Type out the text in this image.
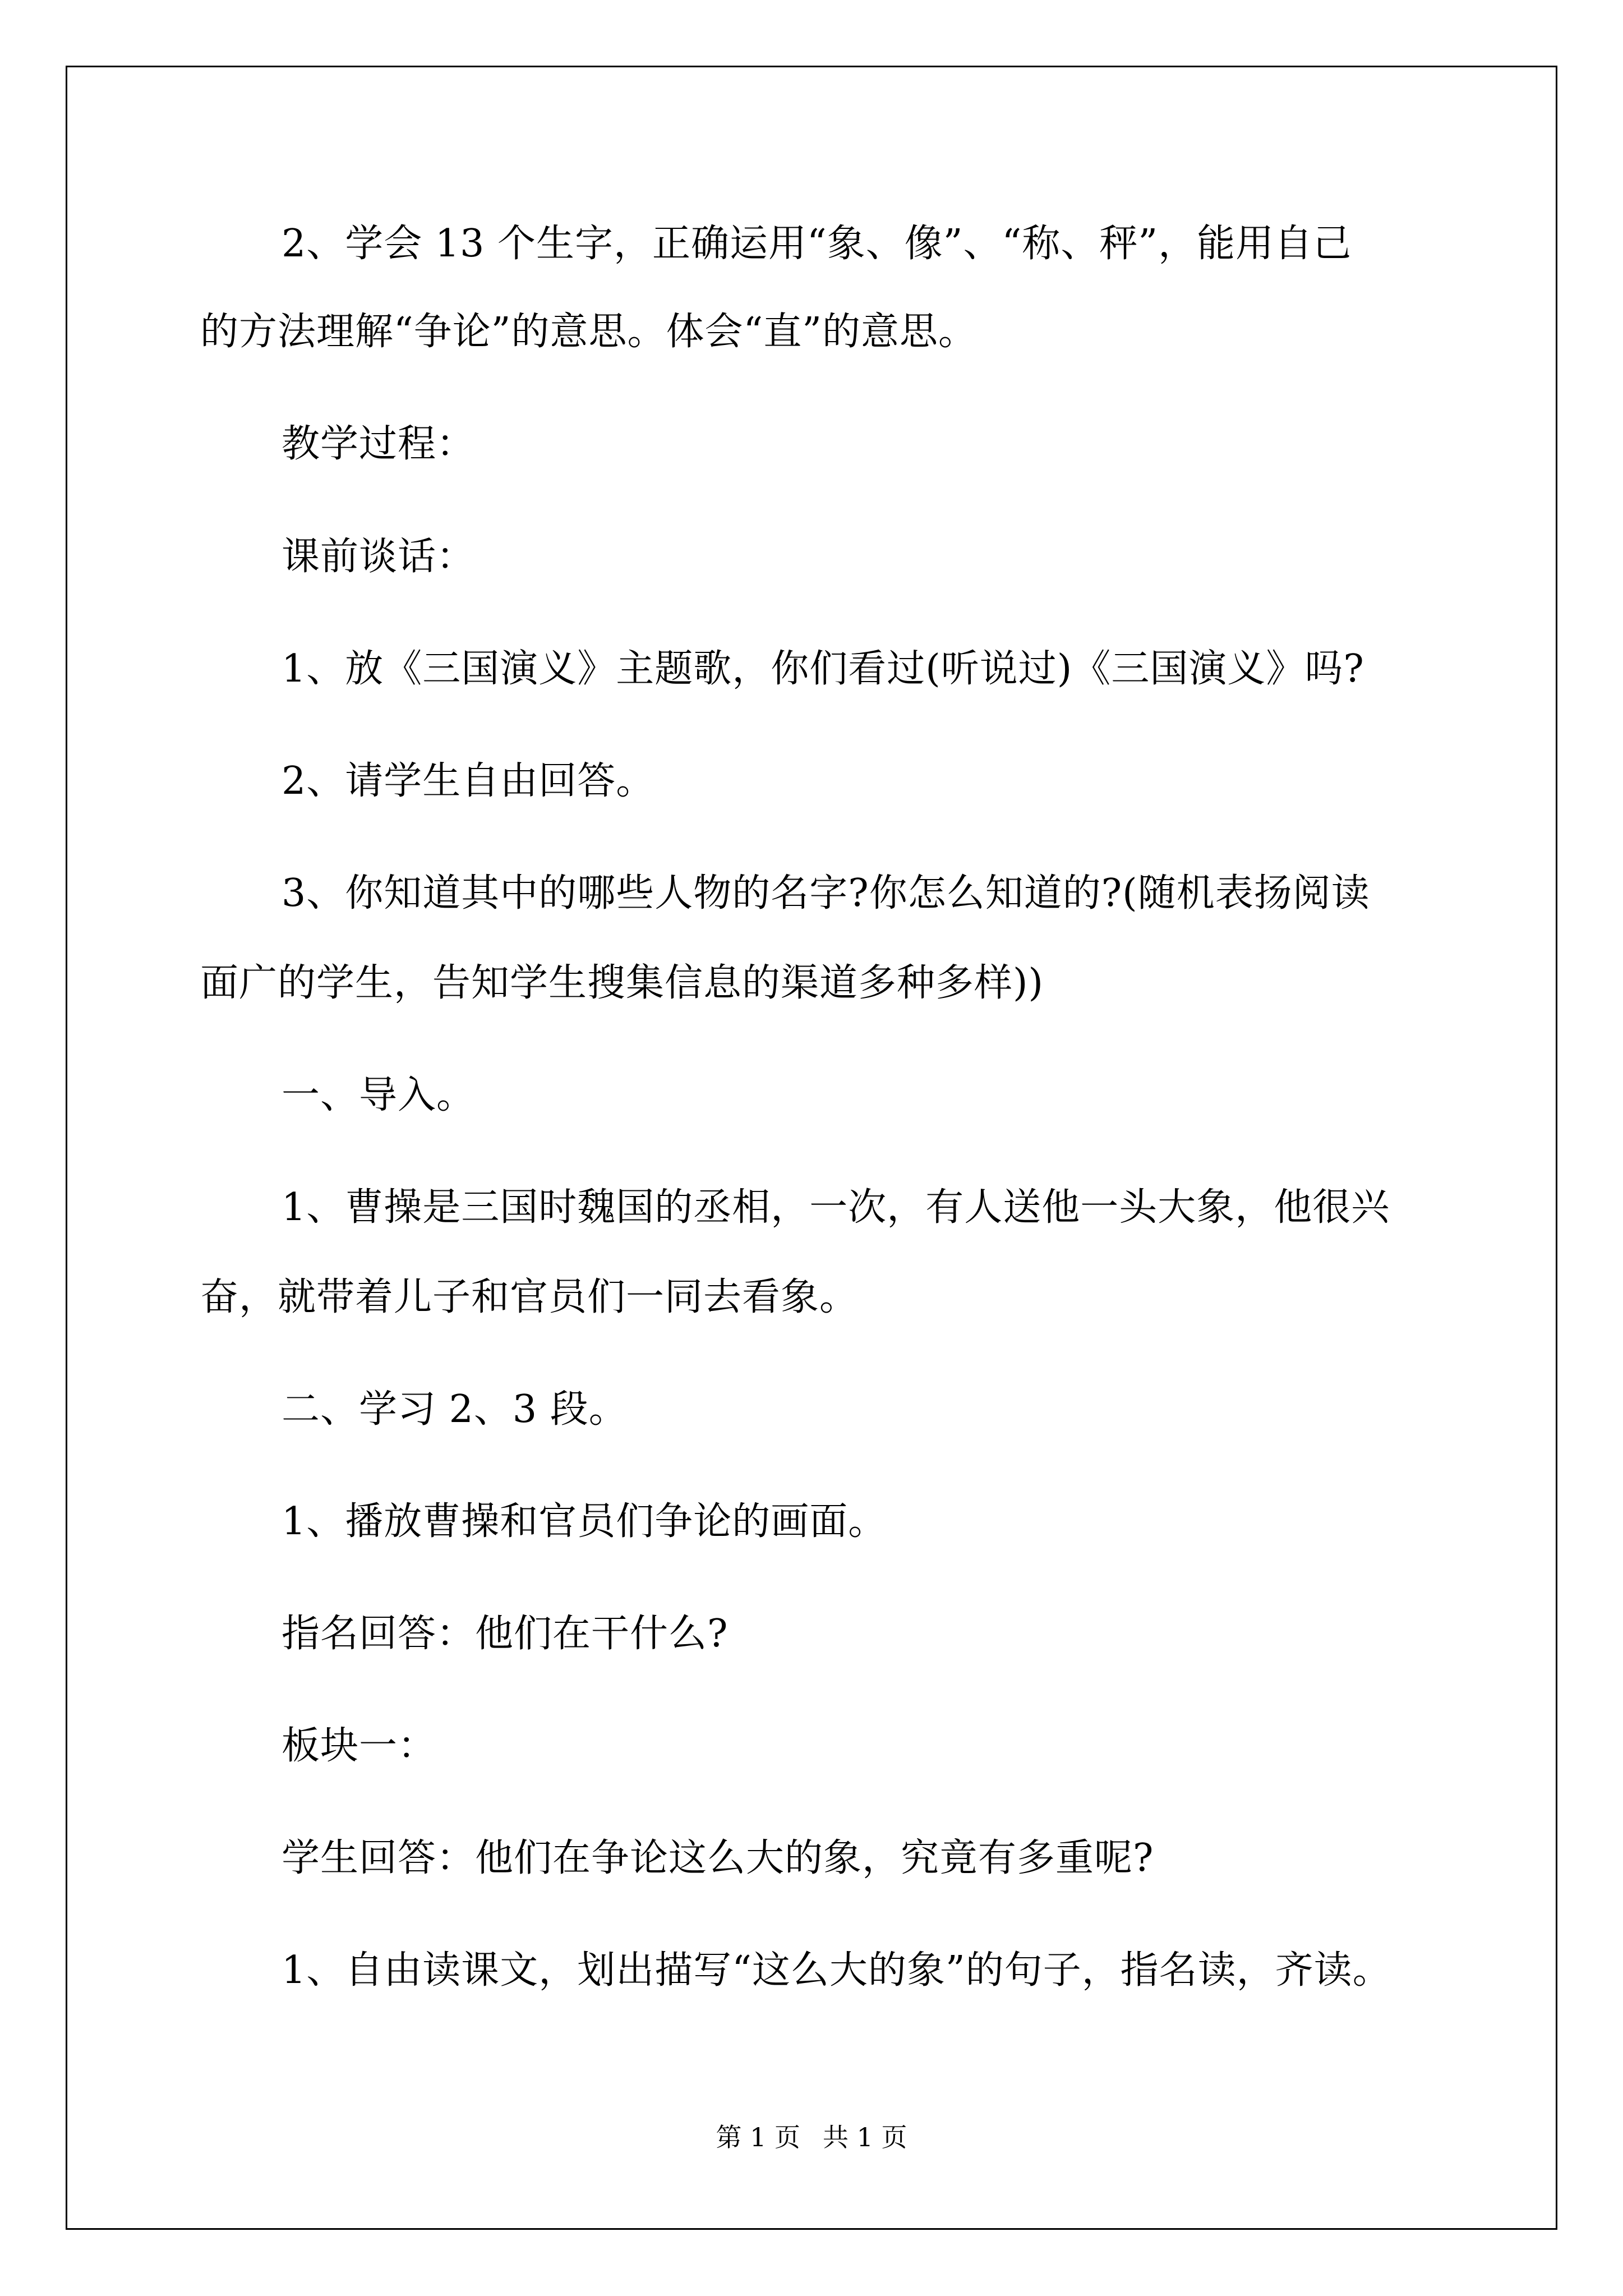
2、学会 13 个生字，正确运用“象、像”、“称、秤”，能用自己
的方法理解“争论”的意思。体会“直”的意思。
教学过程：
课前谈话：
1、放《三国演义》主题歌，你们看过(听说过)《三国演义》吗?
2、请学生自由回答。
3、你知道其中的哪些人物的名字?你怎么知道的?(随机表扬阅读
面广的学生，告知学生搜集信息的渠道多种多样))
一、导入。
1、曹操是三国时魏国的丞相，一次，有人送他一头大象，他很兴
奋，就带着儿子和官员们一同去看象。
二、学习 2、3 段。
1、播放曹操和官员们争论的画面。
指名回答：他们在干什么?
板块一：
学生回答：他们在争论这么大的象，究竟有多重呢?
1、自由读课文，划出描写“这么大的象”的句子，指名读，齐读。
第 1 页 共 1 页
